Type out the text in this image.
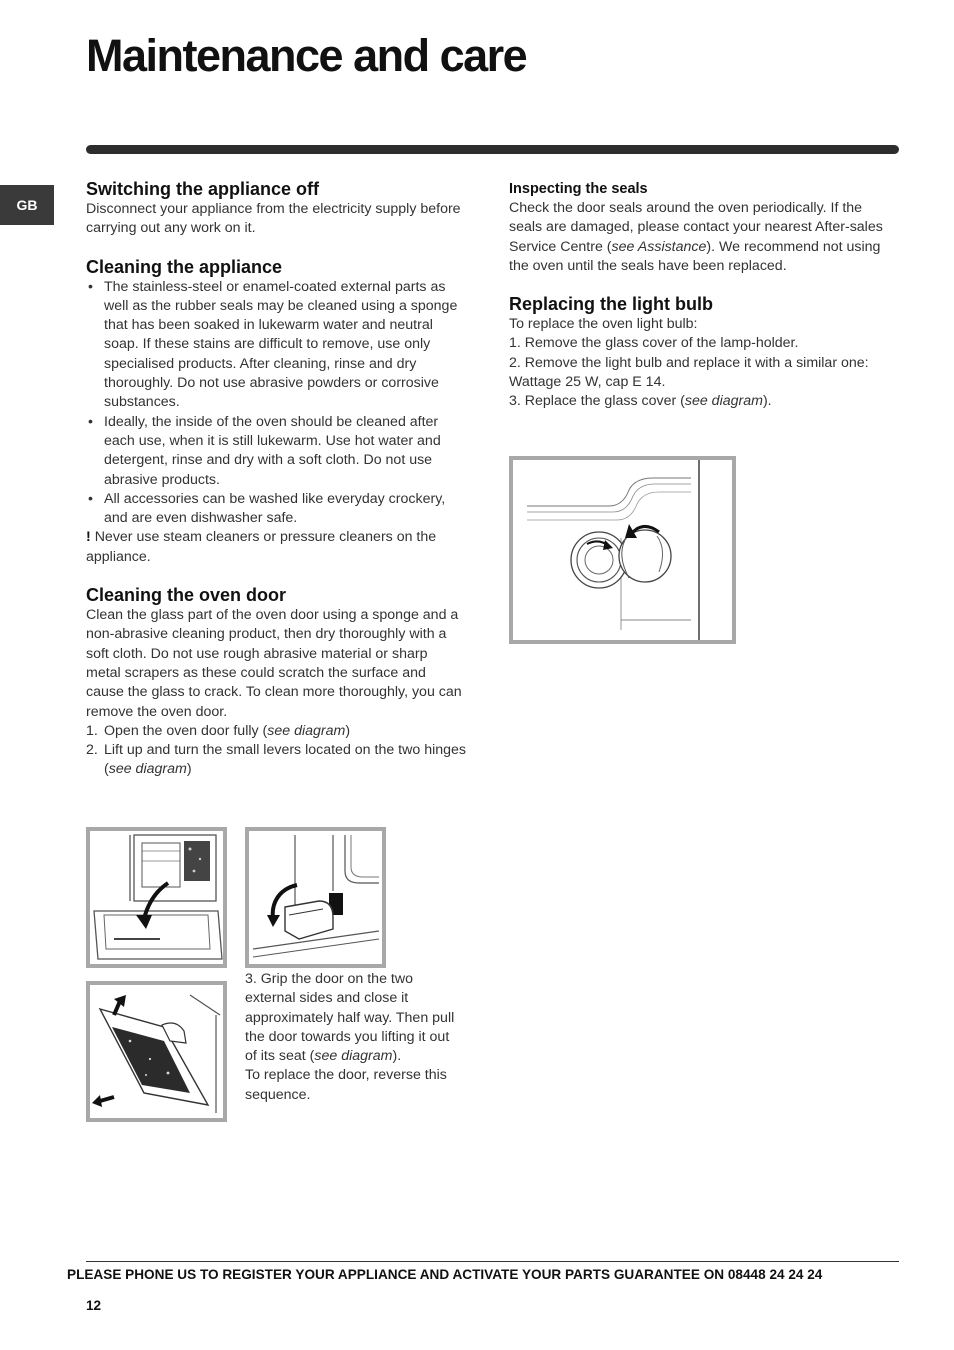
Maintenance and care
GB
Switching the appliance off

Disconnect your appliance from the electricity supply before carrying out any work on it.

Cleaning the appliance
• The stainless-steel or enamel-coated external parts as well as the rubber seals may be cleaned using a sponge that has been soaked in lukewarm water and neutral soap. If these stains are difficult to remove, use only specialised products. After cleaning, rinse and dry thoroughly. Do not use abrasive powders or corrosive substances.
• Ideally, the inside of the oven should be cleaned after each use, when it is still lukewarm. Use hot water and detergent, rinse and dry with a soft cloth. Do not use abrasive products.
• All accessories can be washed like everyday crockery, and are even dishwasher safe.

! Never use steam cleaners or pressure cleaners on the appliance.

Cleaning the oven door

Clean the glass part of the oven door using a sponge and a non-abrasive cleaning product, then dry thoroughly with a soft cloth. Do not use rough abrasive material or sharp metal scrapers as these could scratch the surface and cause the glass to crack. To clean more thoroughly, you can remove the oven door.

1. Open the oven door fully (see diagram)
2. Lift up and turn the small levers located on the two hinges (see diagram)

3. Grip the door on the two external sides and close it approximately half way. Then pull the door towards you lifting it out of its seat (see diagram).

To replace the door, reverse this sequence.

Inspecting the seals

Check the door seals around the oven periodically. If the seals are damaged, please contact your nearest After-sales Service Centre (see Assistance). We recommend not using the oven until the seals have been replaced.

Replacing the light bulb

To replace the oven light bulb:

1. Remove the glass cover of the lamp-holder.

2. Remove the light bulb and replace it with a similar one: Wattage 25 W, cap E 14.

3. Replace the glass cover (see diagram).

PLEASE PHONE US TO REGISTER YOUR APPLIANCE AND ACTIVATE YOUR PARTS GUARANTEE ON 08448 24 24 24
12
